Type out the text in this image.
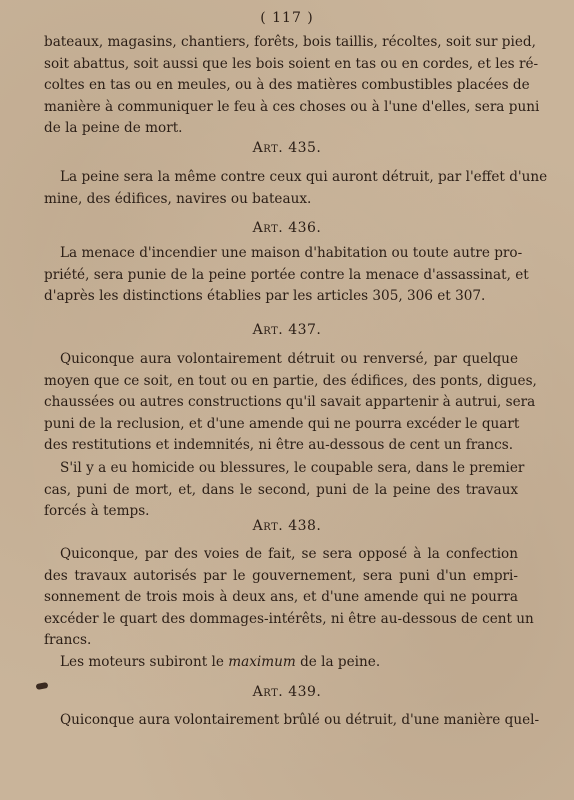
( 117 )
bateaux, magasins, chantiers, forêts, bois taillis, récoltes, soit sur pied,
soit abattus, soit aussi que les bois soient en tas ou en cordes, et les ré-
coltes en tas ou en meules, ou à des matières combustibles placées de
manière à communiquer le feu à ces choses ou à l'une d'elles, sera puni
de la peine de mort.
Art. 435.
La peine sera la même contre ceux qui auront détruit, par l'effet d'une
mine, des édifices, navires ou bateaux.
Art. 436.
La menace d'incendier une maison d'habitation ou toute autre pro-
priété, sera punie de la peine portée contre la menace d'assassinat, et
d'après les distinctions établies par les articles 305, 306 et 307.
Art. 437.
Quiconque aura volontairement détruit ou renversé, par quelque
moyen que ce soit, en tout ou en partie, des édifices, des ponts, digues,
chaussées ou autres constructions qu'il savait appartenir à autrui, sera
puni de la reclusion, et d'une amende qui ne pourra excéder le quart
des restitutions et indemnités, ni être au-dessous de cent un francs.
S'il y a eu homicide ou blessures, le coupable sera, dans le premier
cas, puni de mort, et, dans le second, puni de la peine des travaux
forcés à temps.
Art. 438.
Quiconque, par des voies de fait, se sera opposé à la confection
des travaux autorisés par le gouvernement, sera puni d'un empri-
sonnement de trois mois à deux ans, et d'une amende qui ne pourra
excéder le quart des dommages-intérêts, ni être au-dessous de cent un
francs.
Les moteurs subiront le maximum de la peine.
Art. 439.
Quiconque aura volontairement brûlé ou détruit, d'une manière quel-
